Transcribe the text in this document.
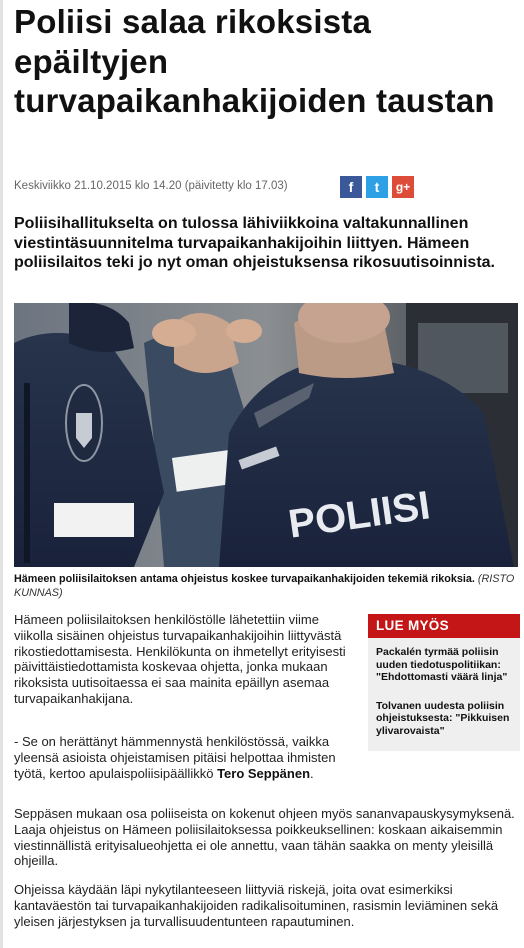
Poliisi salaa rikoksista epäiltyjen turvapaikanhakijoiden taustan
Keskiviikko 21.10.2015 klo 14.20 (päivitetty klo 17.03)	f t g+

Poliisihallitukselta on tulossa lähiviikkoina valtakunnallinen viestintäsuunnitelma turvapaikanhakijoihin liittyen. Hämeen poliisilaitos teki jo nyt oman ohjeistuksensa rikosuutisoinnista.

POLIISI
Hämeen poliisilaitoksen antama ohjeistus koskee turvapaikanhakijoiden tekemiä rikoksia. (RISTO KUNNAS)

Hämeen poliisilaitoksen henkilöstölle lähetettiin viime viikolla sisäinen ohjeistus turvapaikanhakijoihin liittyvästä rikostiedottamisesta. Henkilökunta on ihmetellyt erityisesti päivittäistiedottamista koskevaa ohjetta, jonka mukaan rikoksista uutisoitaessa ei saa mainita epäillyn asemaa turvapaikanhakijana.

- Se on herättänyt hämmennystä henkilöstössä, vaikka yleensä asioista ohjeistamisen pitäisi helpottaa ihmisten työtä, kertoo apulaispoliisipäällikkö Tero Seppänen.

Seppäsen mukaan osa poliiseista on kokenut ohjeen myös sananvapauskysymyksenä. Laaja ohjeistus on Hämeen poliisilaitoksessa poikkeuksellinen: koskaan aikaisemmin viestinnällistä erityisalueohjetta ei ole annettu, vaan tähän saakka on menty yleisillä ohjeilla.

Ohjeissa käydään läpi nykytilanteeseen liittyviä riskejä, joita ovat esimerkiksi kantaväestön tai turvapaikanhakijoiden radikalisoituminen, rasismin leviäminen sekä yleisen järjestyksen ja turvallisuudentunteen rapautuminen.

LUE MYÖS
Packalén tyrmää poliisin uuden tiedotuspolitiikan: "Ehdottomasti väärä linja"
Tolvanen uudesta poliisin ohjeistuksesta: "Pikkuisen ylivarovaista"
